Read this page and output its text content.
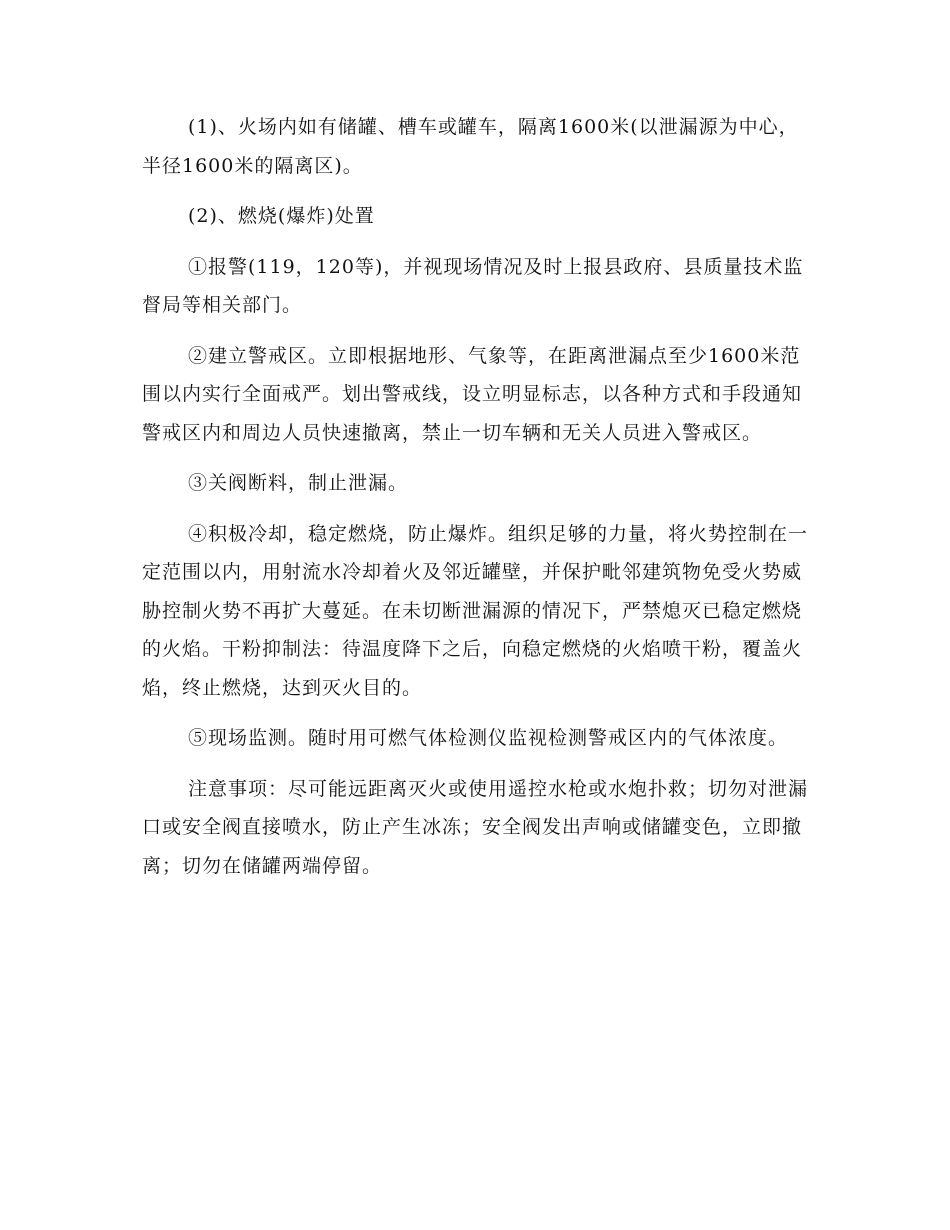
(1)、火场内如有储罐、槽车或罐车，隔离1600米(以泄漏源为中心，半径1600米的隔离区)。

(2)、燃烧(爆炸)处置

①报警(119，120等)，并视现场情况及时上报县政府、县质量技术监督局等相关部门。

②建立警戒区。立即根据地形、气象等，在距离泄漏点至少1600米范围以内实行全面戒严。划出警戒线，设立明显标志，以各种方式和手段通知警戒区内和周边人员快速撤离，禁止一切车辆和无关人员进入警戒区。

③关阀断料，制止泄漏。

④积极冷却，稳定燃烧，防止爆炸。组织足够的力量，将火势控制在一定范围以内，用射流水冷却着火及邻近罐壁，并保护毗邻建筑物免受火势威胁控制火势不再扩大蔓延。在未切断泄漏源的情况下，严禁熄灭已稳定燃烧的火焰。干粉抑制法：待温度降下之后，向稳定燃烧的火焰喷干粉，覆盖火焰，终止燃烧，达到灭火目的。

⑤现场监测。随时用可燃气体检测仪监视检测警戒区内的气体浓度。

注意事项：尽可能远距离灭火或使用遥控水枪或水炮扑救；切勿对泄漏口或安全阀直接喷水，防止产生冰冻；安全阀发出声响或储罐变色，立即撤离；切勿在储罐两端停留。
